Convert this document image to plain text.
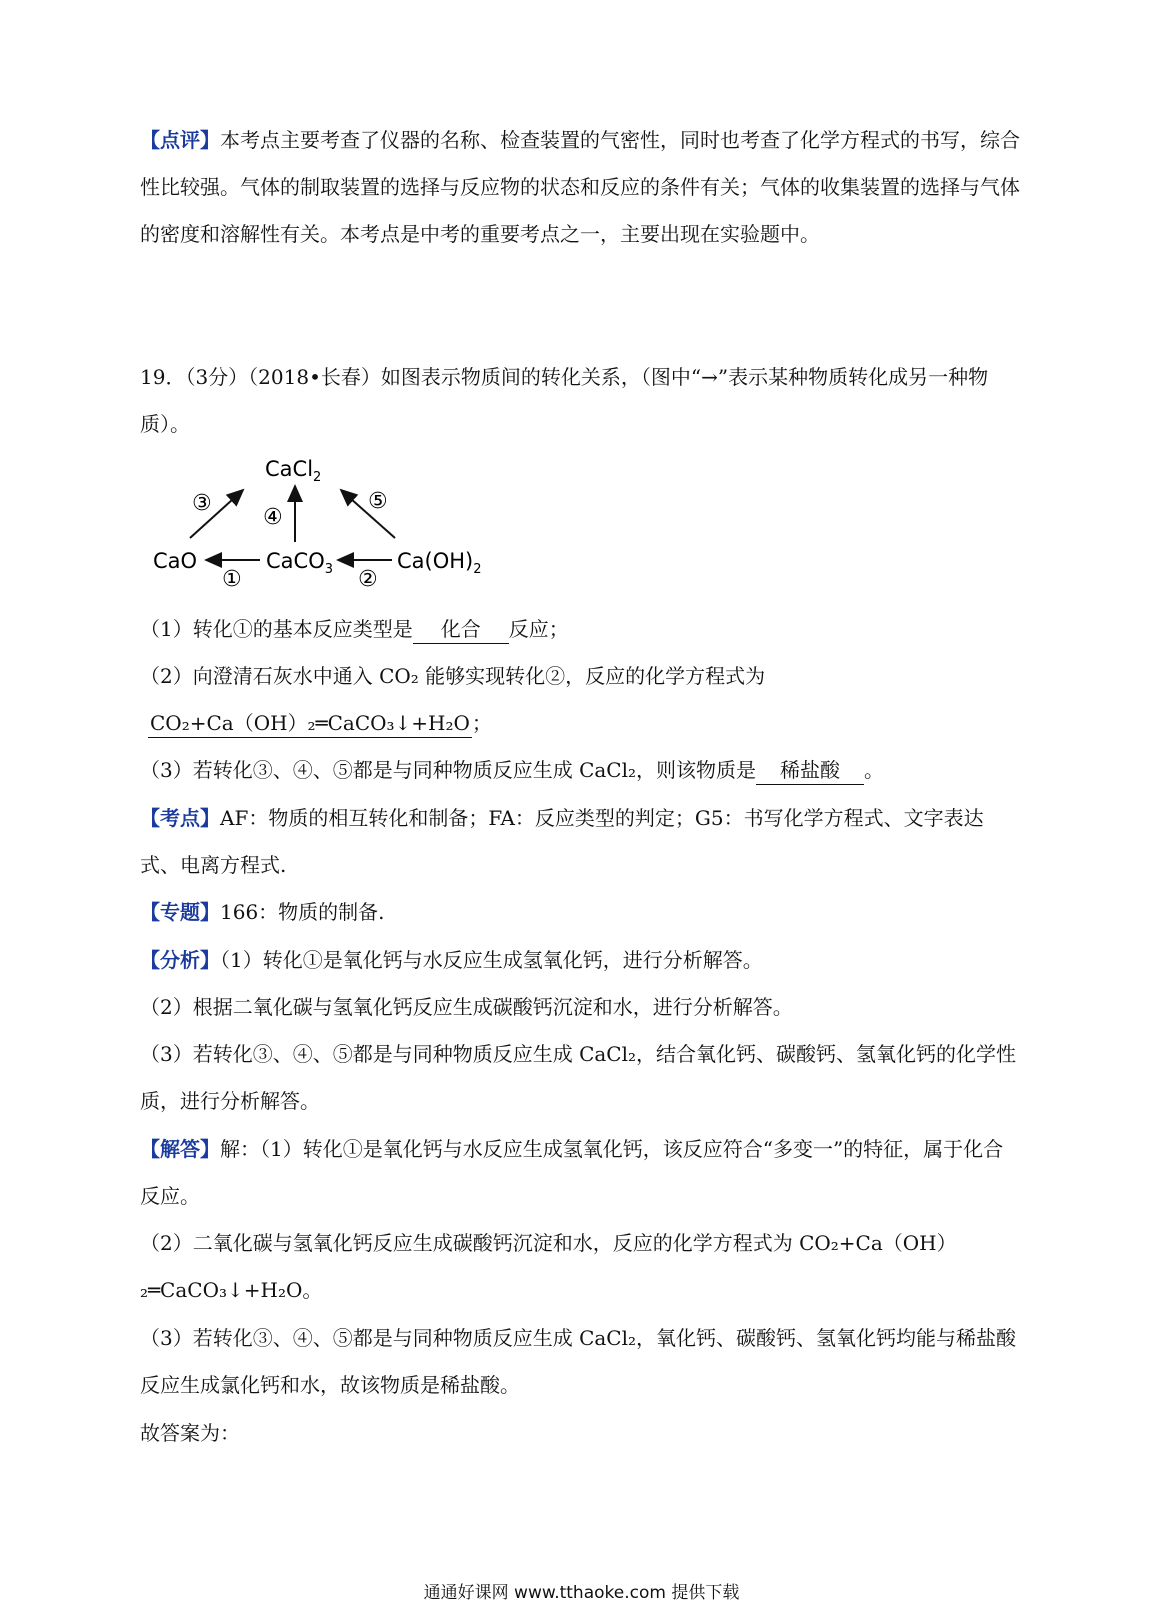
【点评】本考点主要考查了仪器的名称、检查装置的气密性，同时也考查了化学方程式的书写，综合性比较强。气体的制取装置的选择与反应物的状态和反应的条件有关；气体的收集装置的选择与气体的密度和溶解性有关。本考点是中考的重要考点之一，主要出现在实验题中。

19．（3分）（2018•长春）如图表示物质间的转化关系，（图中“→”表示某种物质转化成另一种物质）。

CaCl$_2$
CaO	CaCO$_3$	$Ca(OH)_2$
①	②
③
④
⑤

（1）转化①的基本反应类型是 化合 反应；

（2）向澄清石灰水中通入 CO₂ 能够实现转化②，反应的化学方程式为CO₂+Ca（OH）₂═CaCO₃↓+H₂O ；

（3）若转化③、④、⑤都是与同种物质反应生成 CaCl₂，则该物质是 稀盐酸 。

【考点】AF：物质的相互转化和制备；FA：反应类型的判定；G5：书写化学方程式、文字表达式、电离方程式.

【专题】166：物质的制备.

【分析】（1）转化①是氧化钙与水反应生成氢氧化钙，进行分析解答。

（2）根据二氧化碳与氢氧化钙反应生成碳酸钙沉淀和水，进行分析解答。

（3）若转化③、④、⑤都是与同种物质反应生成 CaCl₂，结合氧化钙、碳酸钙、氢氧化钙的化学性质，进行分析解答。

【解答】解：（1）转化①是氧化钙与水反应生成氢氧化钙，该反应符合“多变一”的特征，属于化合反应。

（2）二氧化碳与氢氧化钙反应生成碳酸钙沉淀和水，反应的化学方程式为 CO₂+Ca（OH）₂═CaCO₃↓+H₂O。

（3）若转化③、④、⑤都是与同种物质反应生成 CaCl₂，氧化钙、碳酸钙、氢氧化钙均能与稀盐酸反应生成氯化钙和水，故该物质是稀盐酸。

故答案为：

通通好课网 www.tthaoke.com 提供下载
